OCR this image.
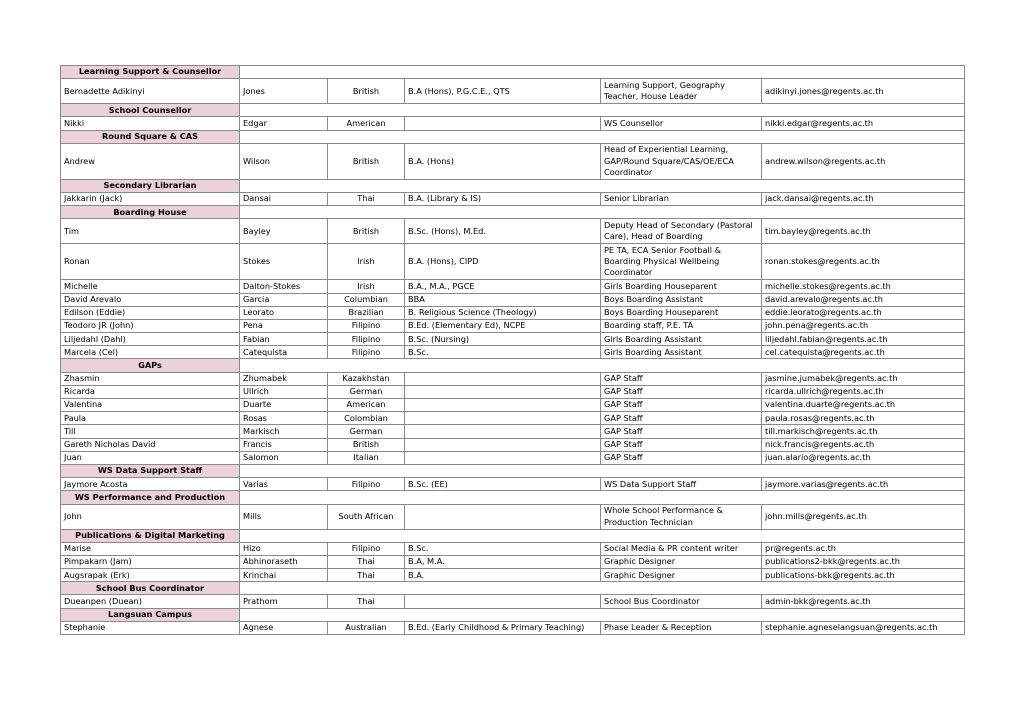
Learning Support & Counsellor					
Bernadette Adikinyi	Jones	British	B.A (Hons), P.G.C.E., QTS	Learning Support, Geography Teacher, House Leader	adikinyi.jones@regents.ac.th
School Counsellor					
Nikki	Edgar	American		WS Counsellor	nikki.edgar@regents.ac.th
Round Square & CAS					
Andrew	Wilson	British	B.A. (Hons)	Head of Experiential Learning, GAP/Round Square/CAS/OE/ECA Coordinator	andrew.wilson@regents.ac.th
Secondary Librarian					
Jakkarin (Jack)	Dansai	Thai	B.A. (Library & IS)	Senior Librarian	jack.dansai@regents.ac.th
Boarding House					
Tim	Bayley	British	B.Sc. (Hons), M.Ed.	Deputy Head of Secondary (Pastoral Care), Head of Boarding	tim.bayley@regents.ac.th
Ronan	Stokes	Irish	B.A. (Hons), CIPD	PE TA, ECA Senior Football & Boarding Physical Wellbeing Coordinator	ronan.stokes@regents.ac.th
Michelle	Dalton-Stokes	Irish	B.A., M.A., PGCE	Girls Boarding Houseparent	michelle.stokes@regents.ac.th
David Arevalo	Garcia	Columbian	BBA	Boys Boarding Assistant	david.arevalo@regents.ac.th
Edilson (Eddie)	Leorato	Brazilian	B. Religious Science (Theology)	Boys Boarding Houseparent	eddie.leorato@regents.ac.th
Teodoro JR (John)	Pena	Filipino	B.Ed. (Elementary Ed), NCPE	Boarding staff, P.E. TA	john.pena@regents.ac.th
Liljedahl (Dahl)	Fabian	Filipino	B.Sc. (Nursing)	Girls Boarding Assistant	liljedahl.fabian@regents.ac.th
Marcela (Cel)	Catequista	Filipino	B.Sc.	Girls Boarding Assistant	cel.catequista@regents.ac.th
GAPs					
Zhasmin	Zhumabek	Kazakhstan		GAP Staff	jasmine.jumabek@regents.ac.th
Ricarda	Ullrich	German		GAP Staff	ricarda.ullrich@regents.ac.th
Valentina	Duarte	American		GAP Staff	valentina.duarte@regents.ac.th
Paula	Rosas	Colombian		GAP Staff	paula.rosas@regents.ac.th
Till	Markisch	German		GAP Staff	till.markisch@regents.ac.th
Gareth Nicholas David	Francis	British		GAP Staff	nick.francis@regents.ac.th
Juan	Salomon	Italian		GAP Staff	juan.alario@regents.ac.th
WS Data Support Staff					
Jaymore Acosta	Varias	Filipino	B.Sc. (EE)	WS Data Support Staff	jaymore.varias@regents.ac.th
WS Performance and Production					
John	Mills	South African		Whole School Performance & Production Technician	john.mills@regents.ac.th
Publications & Digital Marketing					
Marise	Hizo	Filipino	B.Sc.	Social Media & PR content writer	pr@regents.ac.th
Pimpakarn (Jam)	Abhinoraseth	Thai	B.A, M.A.	Graphic Designer	publications2-bkk@regents.ac.th
Augsrapak (Erk)	Krinchai	Thai	B.A.	Graphic Designer	publications-bkk@regents.ac.th
School Bus Coordinator					
Dueanpen (Duean)	Prathom	Thai		School Bus Coordinator	admin-bkk@regents.ac.th
Langsuan Campus					
Stephanie	Agnese	Australian	B.Ed. (Early Childhood & Primary Teaching)	Phase Leader & Reception	stephanie.agneselangsuan@regents.ac.th
